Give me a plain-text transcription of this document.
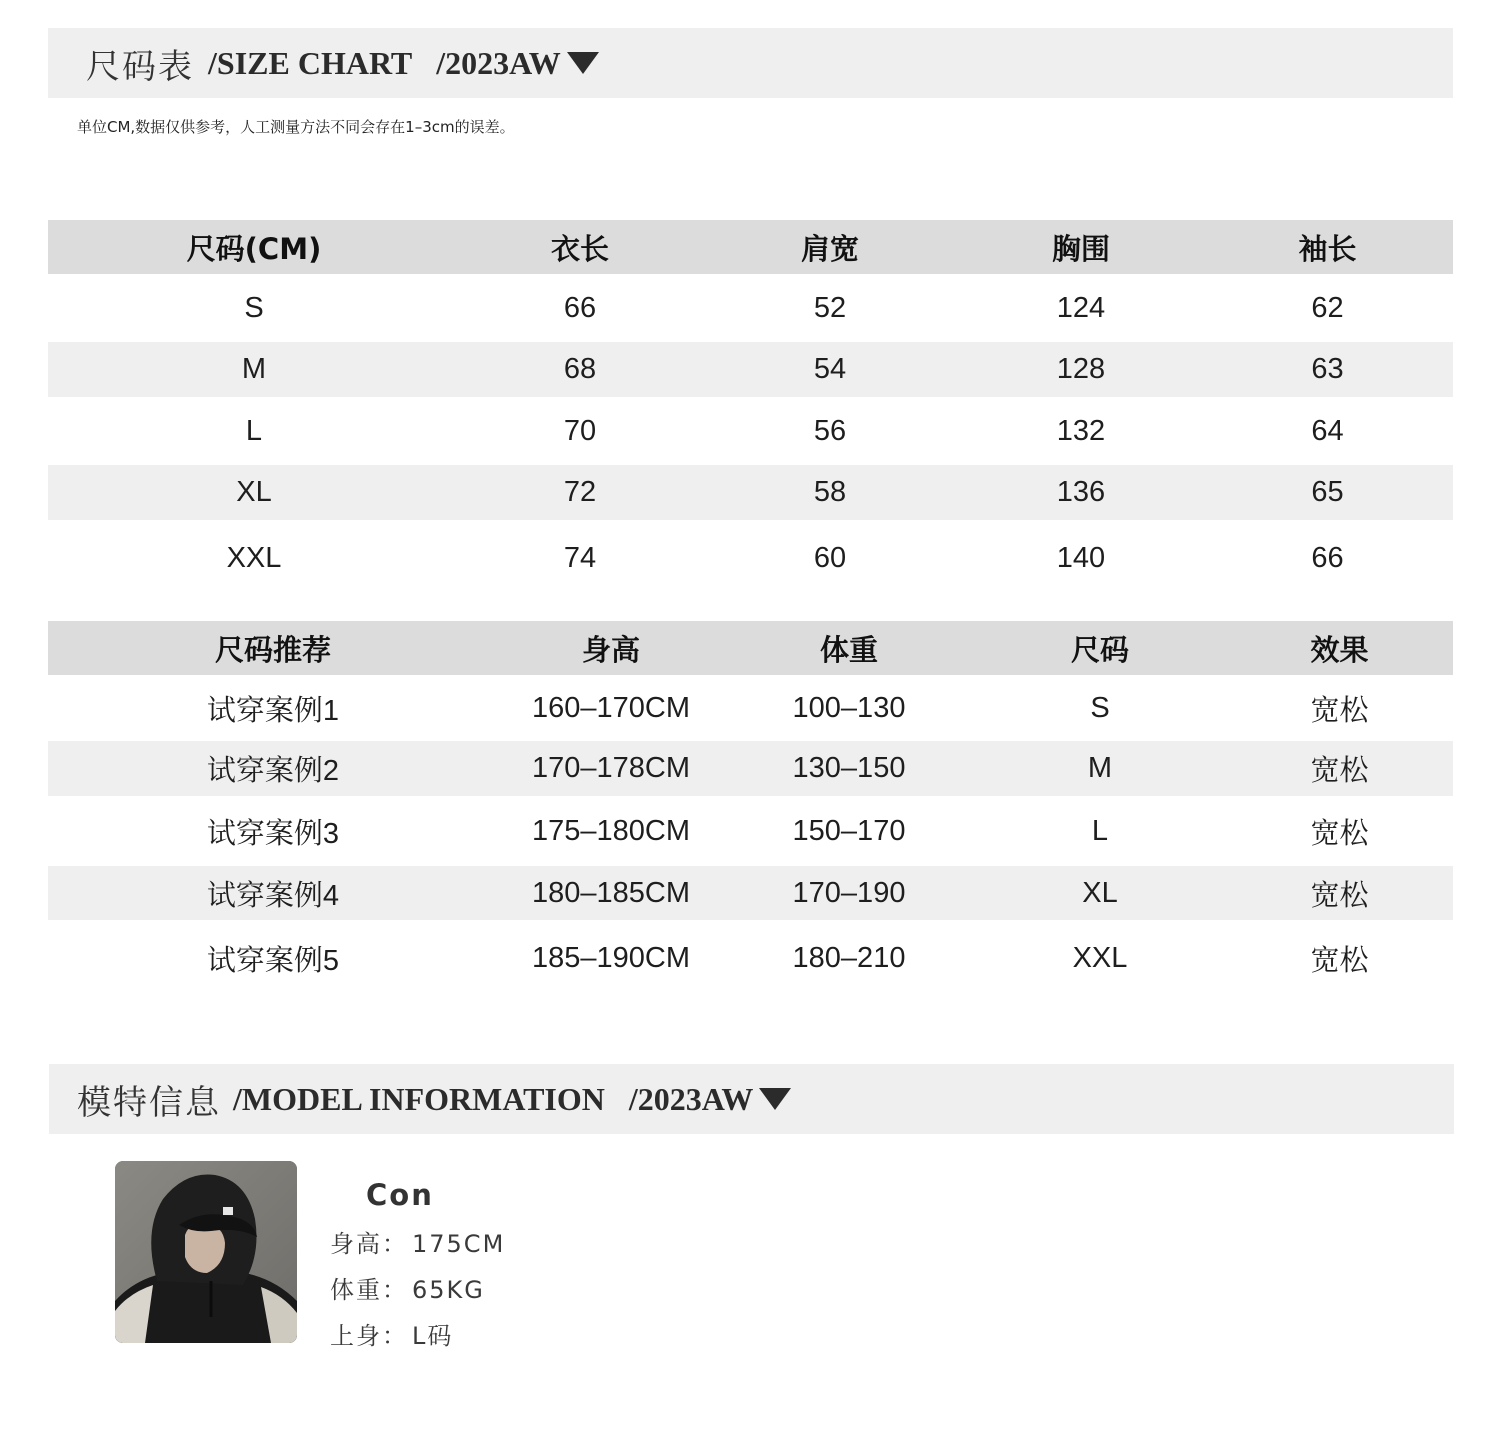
尺码表 /SIZE CHART /2023AW
单位CM,数据仅供参考，人工测量方法不同会存在1–3cm的误差。
尺码(CM)	衣长	肩宽	胸围	袖长
S	66	52	124	62
M	68	54	128	63
L	70	56	132	64
XL	72	58	136	65
XXL	74	60	140	66
尺码推荐	身高	体重	尺码	效果
试穿案例1	160–170CM	100–130	S	宽松
试穿案例2	170–178CM	130–150	M	宽松
试穿案例3	175–180CM	150–170	L	宽松
试穿案例4	180–185CM	170–190	XL	宽松
试穿案例5	185–190CM	180–210	XXL	宽松
模特信息 /MODEL INFORMATION /2023AW
Con
身高： 175CM
体重： 65KG
上身： L码
